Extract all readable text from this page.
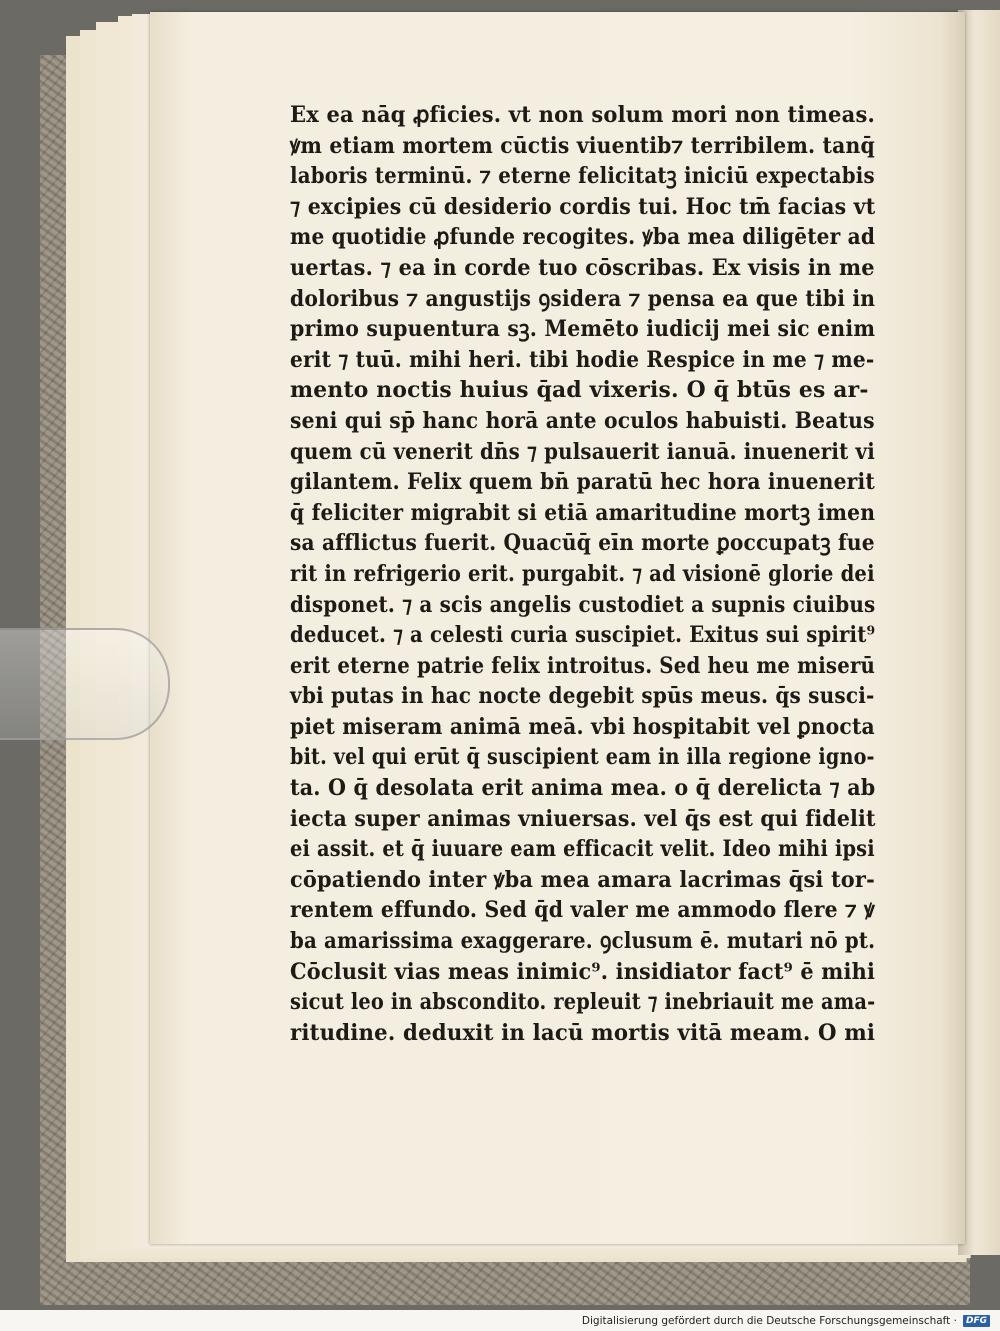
Ex ea nāq ꝓficies. vt non solum mori non timeas.
ꝟm etiam mortem cūctis viuentib⁊ terribilem. tanq̄
laboris terminū. ⁊ eterne felicitatꝫ iniciū expectabis
⁊ excipies cū desiderio cordis tui. Hoc tm̄ facias vt
me quotidie ꝓfunde recogites. ꝟba mea diligēter ad
uertas. ⁊ ea in corde tuo cōscribas. Ex visis in me
doloribus ⁊ angustijs ꝯsidera ⁊ pensa ea que tibi in
primo supuentura sꝫ. Memēto iudicij mei sic enim
erit ⁊ tuū. mihi heri. tibi hodie Respice in me ⁊ me-
mento noctis huius q̄ad vixeris. O q̄ btūs es ar-
seni qui sp̄ hanc horā ante oculos habuisti. Beatus
quem cū venerit dn̄s ⁊ pulsauerit ianuā. inuenerit vi
gilantem. Felix quem bn̄ paratū hec hora inuenerit
q̄ feliciter migrabit si etiā amaritudine mortꝫ imen
sa afflictus fuerit. Quacūq̄ eīn morte ꝑoccupatꝫ fue
rit in refrigerio erit. purgabit. ⁊ ad visionē glorie dei
disponet. ⁊ a scis angelis custodiet a supnis ciuibus
deducet. ⁊ a celesti curia suscipiet. Exitus sui spirit⁹
erit eterne patrie felix introitus. Sed heu me miserū
vbi putas in hac nocte degebit spūs meus. q̄s susci-
piet miseram animā meā. vbi hospitabit vel ꝑnocta
bit. vel qui erūt q̄ suscipient eam in illa regione igno-
ta. O q̄ desolata erit anima mea. o q̄ derelicta ⁊ ab
iecta super animas vniuersas. vel q̄s est qui fidelit
ei assit. et q̄ iuuare eam efficacit velit. Ideo mihi ipsi
cōpatiendo inter ꝟba mea amara lacrimas q̄si tor-
rentem effundo. Sed q̄d valer me ammodo flere ⁊ ꝟ
ba amarissima exaggerare. ꝯclusum ē. mutari nō pt.
Cōclusit vias meas inimic⁹. insidiator fact⁹ ē mihi
sicut leo in abscondito. repleuit ⁊ inebriauit me ama-
ritudine. deduxit in lacū mortis vitā meam. O mi
Digitalisierung gefördert durch die Deutsche Forschungsgemeinschaft ·	DFG
